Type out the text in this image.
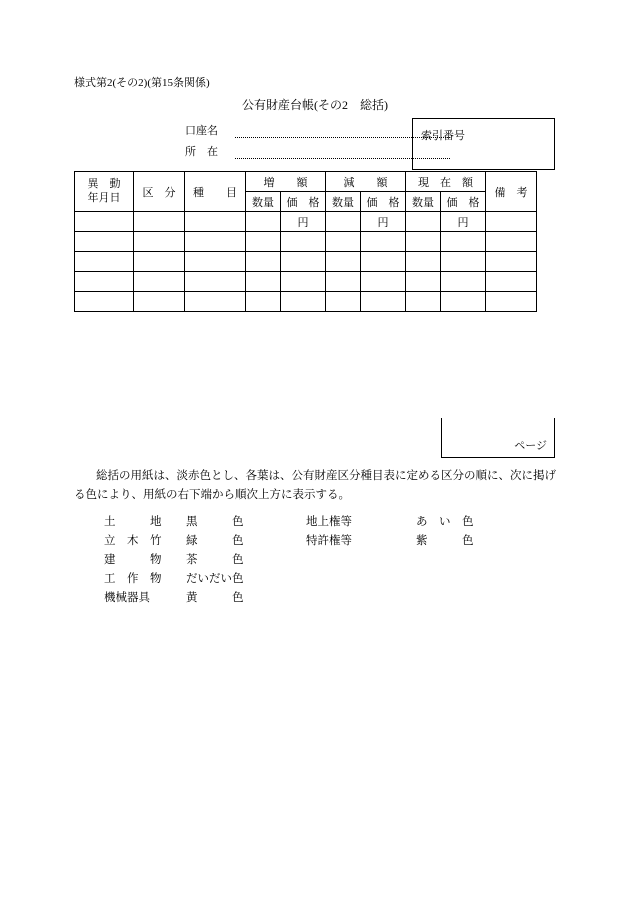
様式第2(その2)(第15条関係)
公有財産台帳(その2　総括)
口座名
所　在
索引番号
異　動
年月日	区　分	種　　目	増　　額		減　　額		現　在　額		備　考
			数量	価　格	数量	価　格	数量	価　格	
				円		円		円	

ページ
総括の用紙は、淡赤色とし、各葉は、公有財産区分種目表に定める区分の順に、次に掲げる色により、用紙の右下端から順次上方に表示する。
土　　　地 黒　　　色	地上権等	あ　い　色
立　木　竹 緑　　　色	特許権等	紫　　　色
建　　　物 茶　　　色
工　作　物 だいだい色
機械器具	黄　　　色
